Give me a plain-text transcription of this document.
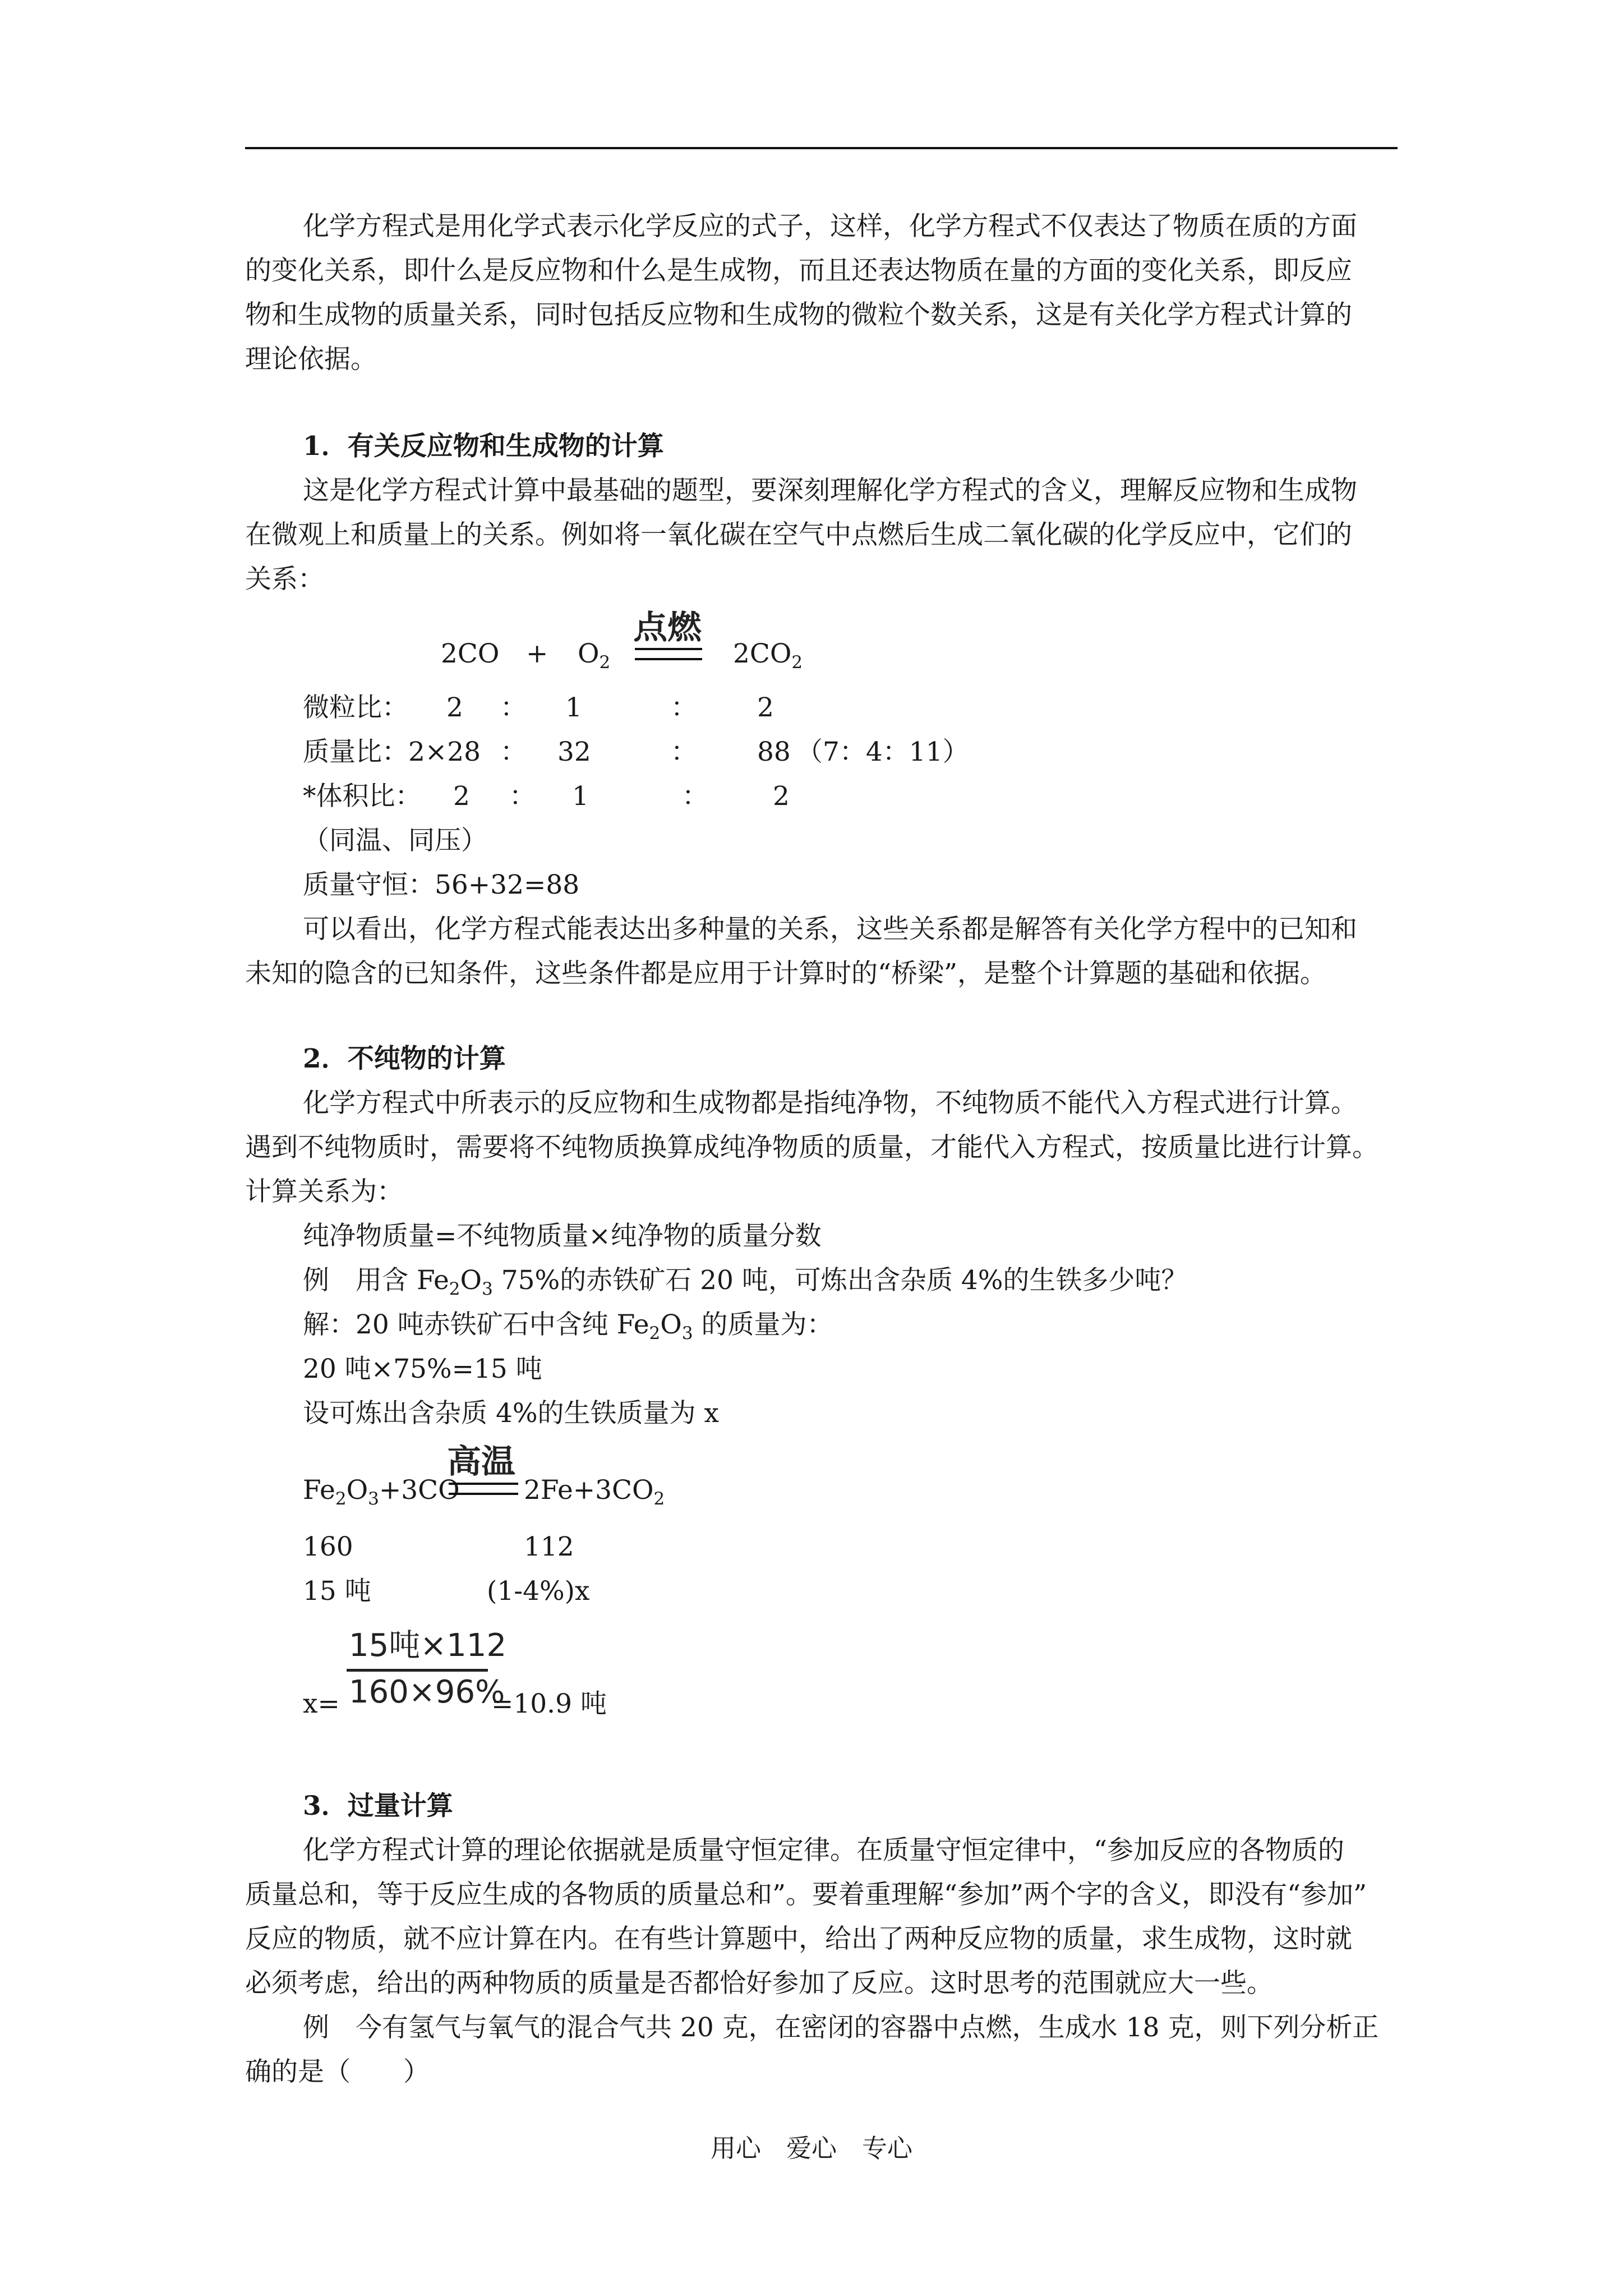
化学方程式是用化学式表示化学反应的式子，这样，化学方程式不仅表达了物质在质的方面
的变化关系，即什么是反应物和什么是生成物，而且还表达物质在量的方面的变化关系，即反应
物和生成物的质量关系，同时包括反应物和生成物的微粒个数关系，这是有关化学方程式计算的
理论依据。
1．有关反应物和生成物的计算
这是化学方程式计算中最基础的题型，要深刻理解化学方程式的含义，理解反应物和生成物
在微观上和质量上的关系。例如将一氧化碳在空气中点燃后生成二氧化碳的化学反应中，它们的
关系：
$2CO + O_2$
点燃
$2CO_2$
微粒比： 2 ： 1	： 2
质量比： 2×28 ： 32	： 88 （7：4：11）
*体积比： 2 ： 1	： 2
（同温、同压）
质量守恒：56+32=88
可以看出，化学方程式能表达出多种量的关系，这些关系都是解答有关化学方程中的已知和
未知的隐含的已知条件，这些条件都是应用于计算时的“桥梁”，是整个计算题的基础和依据。
2．不纯物的计算
化学方程式中所表示的反应物和生成物都是指纯净物，不纯物质不能代入方程式进行计算。
遇到不纯物质时，需要将不纯物质换算成纯净物质的质量，才能代入方程式，按质量比进行计算。
计算关系为：
纯净物质量=不纯物质量×纯净物的质量分数
例　用含 $Fe_2O_3$ 75%的赤铁矿石 20 吨，可炼出含杂质 4%的生铁多少吨？
解：20 吨赤铁矿石中含纯 $Fe_2O_3$ 的质量为：
20 吨×75%=15 吨
设可炼出含杂质 4%的生铁质量为 x
$Fe_2O_3+3CO$
高温
$2Fe+3CO_2$
160	112
15 吨	(1-4%)x
x=
15吨×112
160×96%
=10.9 吨
3．过量计算
化学方程式计算的理论依据就是质量守恒定律。在质量守恒定律中，“参加反应的各物质的
质量总和，等于反应生成的各物质的质量总和”。要着重理解“参加”两个字的含义，即没有“参加”
反应的物质，就不应计算在内。在有些计算题中，给出了两种反应物的质量，求生成物，这时就
必须考虑，给出的两种物质的质量是否都恰好参加了反应。这时思考的范围就应大一些。
例　今有氢气与氧气的混合气共 20 克，在密闭的容器中点燃，生成水 18 克，则下列分析正
确的是（　　）
用心　爱心　专心
